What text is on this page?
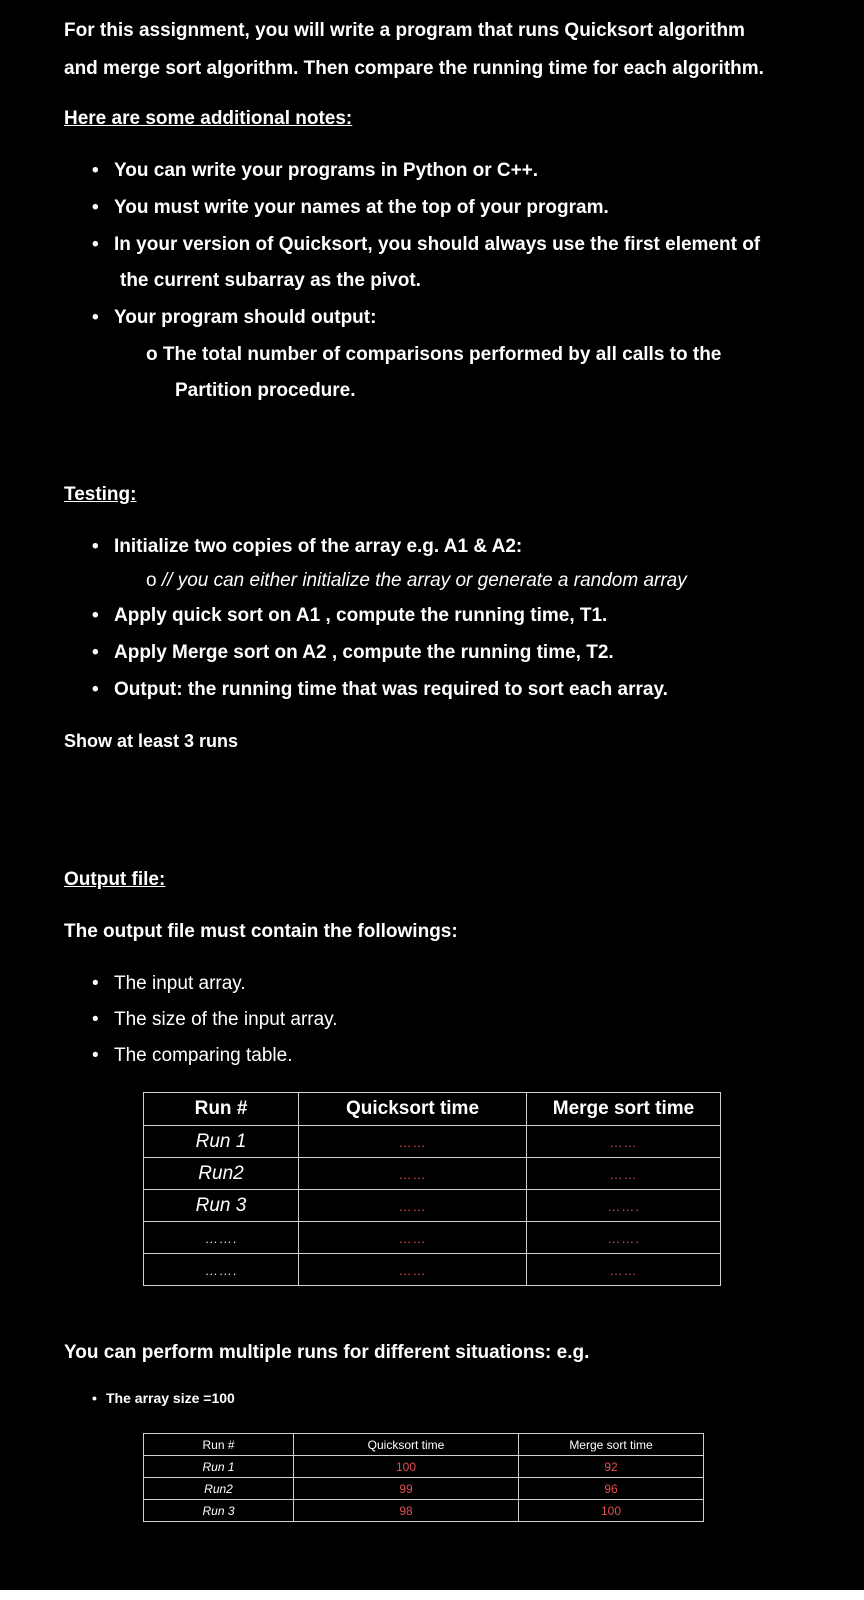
For this assignment, you will write a program that runs Quicksort algorithm
and merge sort algorithm. Then compare the running time for each algorithm.
Here are some additional notes:
• You can write your programs in Python or C++.
• You must write your names at the top of your program.
• In your version of Quicksort, you should always use the first element of
the current subarray as the pivot.
• Your program should output:
o The total number of comparisons performed by all calls to the
Partition procedure.
Testing:
• Initialize two copies of the array e.g. A1 & A2:
o // you can either initialize the array or generate a random array
• Apply quick sort on A1 , compute the running time, T1.
• Apply Merge sort on A2 , compute the running time, T2.
• Output: the running time that was required to sort each array.
Show at least 3 runs
Output file:
The output file must contain the followings:
• The input array.
• The size of the input array.
• The comparing table.
Run #	Quicksort time	Merge sort time
Run 1	……	……
Run2	……	……
Run 3	……	…….
…….	……	…….
…….	……	……
You can perform multiple runs for different situations: e.g.
• The array size =100
Run #	Quicksort time	Merge sort time
Run 1	100	92
Run2	99	96
Run 3	98	100
